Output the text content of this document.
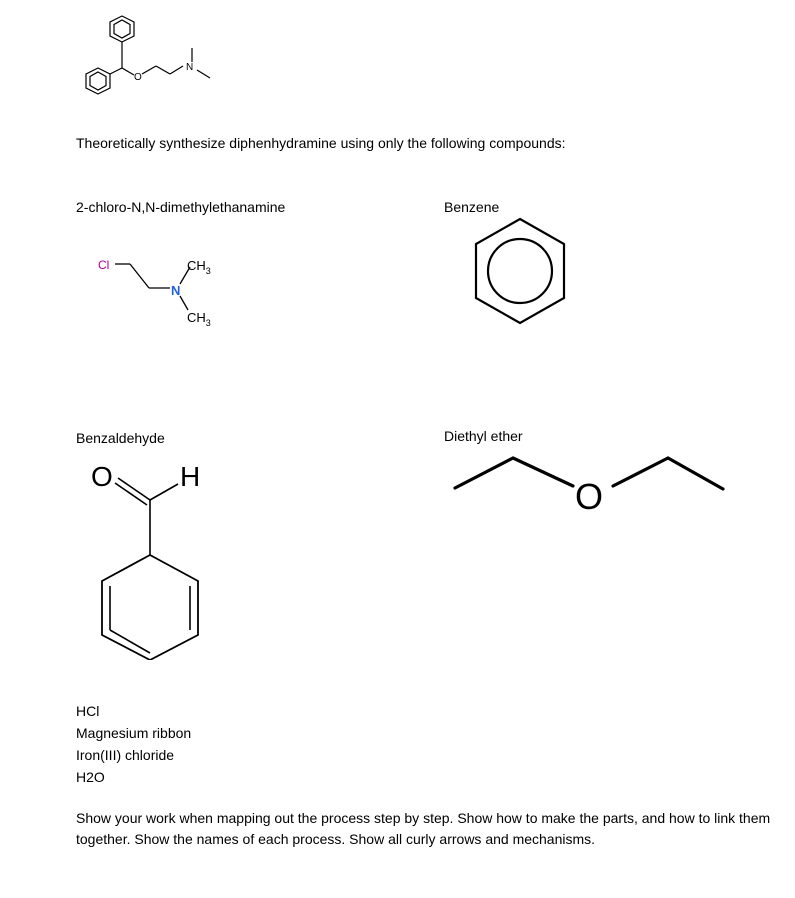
O
N
Theoretically synthesize diphenhydramine using only the following compounds:
2-chloro-N,N-dimethylethanamine
Cl
N
$CH_3$
$CH_3$
Benzene
Benzaldehyde
O H
Diethyl ether
O
HCl
Magnesium ribbon
Iron(III) chloride
H2O
Show your work when mapping out the process step by step. Show how to make the parts, and how to link them together. Show the names of each process. Show all curly arrows and mechanisms.
